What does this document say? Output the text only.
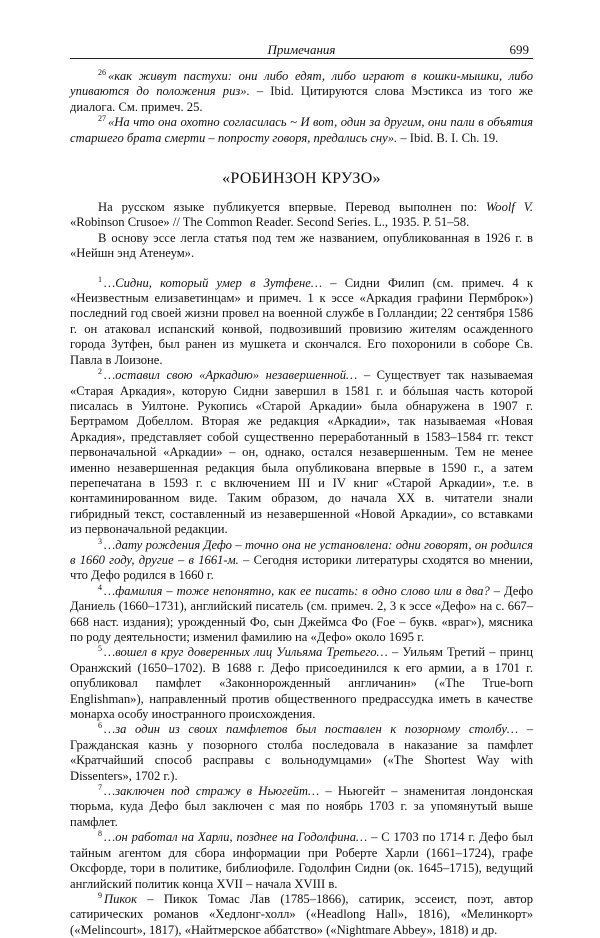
Примечания	699

$^{26}$ «как живут пастухи: они либо едят, либо играют в кошки-мышки, либо упиваются до положения риз». – Ibid. Цитируются слова Мэстикса из того же диалога. См. примеч. 25.

$^{27}$ «На что она охотно согласилась ~ И вот, один за другим, они пали в объятия старшего брата смерти – попросту говоря, предались сну». – Ibid. B. I. Ch. 19.

«РОБИНЗОН КРУЗО»

На русском языке публикуется впервые. Перевод выполнен по: Woolf V. «Robinson Crusoe» // The Common Reader. Second Series. L., 1935. P. 51–58.

В основу эссе легла статья под тем же названием, опубликованная в 1926 г. в «Нейшн энд Атенеум».

$^1$ …Сидни, который умер в Зутфене… – Сидни Филип (см. примеч. 4 к «Неизвестным елизаветинцам» и примеч. 1 к эссе «Аркадия графини Пермброк») последний год своей жизни провел на военной службе в Голландии; 22 сентября 1586 г. он атаковал испанский конвой, подвозивший провизию жителям осажденного города Зутфен, был ранен из мушкета и скончался. Его похоронили в соборе Св. Павла в Лоизоне.

$^2$ …оставил свою «Аркадию» незавершенной… – Существует так называемая «Старая Аркадия», которую Сидни завершил в 1581 г. и бóльшая часть которой писалась в Уилтоне. Рукопись «Старой Аркадии» была обнаружена в 1907 г. Бертрамом Добеллом. Вторая же редакция «Аркадии», так называемая «Новая Аркадия», представляет собой существенно переработанный в 1583–1584 гг. текст первоначальной «Аркадии» – он, однако, остался незавершенным. Тем не менее именно незавершенная редакция была опубликована впервые в 1590 г., а затем перепечатана в 1593 г. с включением III и IV книг «Старой Аркадии», т.е. в контаминированном виде. Таким образом, до начала XX в. читатели знали гибридный текст, составленный из незавершенной «Новой Аркадии», со вставками из первоначальной редакции.

$^3$ …дату рождения Дефо – точно она не установлена: одни говорят, он родился в 1660 году, другие – в 1661-м. – Сегодня историки литературы сходятся во мнении, что Дефо родился в 1660 г.

$^4$ …фамилия – тоже непонятно, как ее писать: в одно слово или в два? – Дефо Даниель (1660–1731), английский писатель (см. примеч. 2, 3 к эссе «Дефо» на с. 667–668 наст. издания); урожденный Фо, сын Джеймса Фо (Foe – букв. «враг»), мясника по роду деятельности; изменил фамилию на «Дефо» около 1695 г.

$^5$ …вошел в круг доверенных лиц Уильяма Третьего… – Уильям Третий – принц Оранжский (1650–1702). В 1688 г. Дефо присоединился к его армии, а в 1701 г. опубликовал памфлет «Законнорожденный англичанин» («The True-born Englishman»), направленный против общественного предрассудка иметь в качестве монарха особу иностранного происхождения.

$^6$ …за один из своих памфлетов был поставлен к позорному столбу… – Гражданская казнь у позорного столба последовала в наказание за памфлет «Кратчайший способ расправы с вольнодумцами» («The Shortest Way with Dissenters», 1702 г.).

$^7$ …заключен под стражу в Ньюгейт… – Ньюгейт – знаменитая лондонская тюрьма, куда Дефо был заключен с мая по ноябрь 1703 г. за упомянутый выше памфлет.

$^8$ …он работал на Харли, позднее на Годолфина… – С 1703 по 1714 г. Дефо был тайным агентом для сбора информации при Роберте Харли (1661–1724), графе Оксфорде, тори в политике, библиофиле. Годолфин Сидни (ок. 1645–1715), ведущий английский политик конца XVII – начала XVIII в.

$^9$ Пикок – Пикок Томас Лав (1785–1866), сатирик, эссеист, поэт, автор сатирических романов «Хедлонг-холл» («Headlong Hall», 1816), «Мелинкорт» («Melincourt», 1817), «Найтмерское аббатство» («Nightmare Abbey», 1818) и др.
